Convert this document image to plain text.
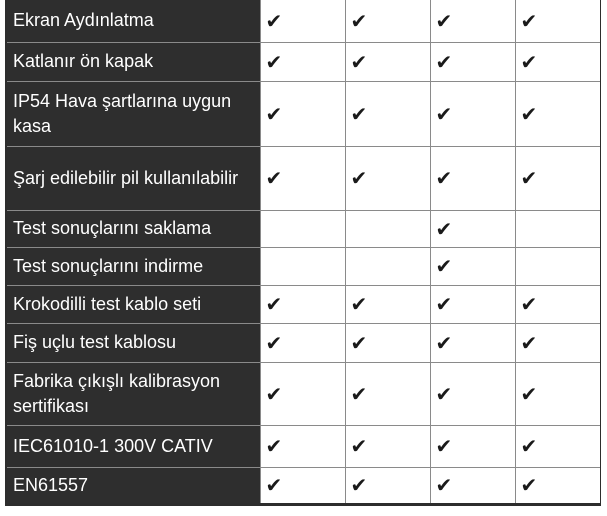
Ekran Aydınlatma	✔	✔	✔	✔
Katlanır ön kapak	✔	✔	✔	✔
IP54 Hava şartlarına uygun kasa	✔	✔	✔	✔
Şarj edilebilir pil kullanılabilir	✔	✔	✔	✔
Test sonuçlarını saklama			✔	
Test sonuçlarını indirme			✔	
Krokodilli test kablo seti	✔	✔	✔	✔
Fiş uçlu test kablosu	✔	✔	✔	✔
Fabrika çıkışlı kalibrasyon sertifikası	✔	✔	✔	✔
IEC61010-1 300V CATIV	✔	✔	✔	✔
EN61557	✔	✔	✔	✔
